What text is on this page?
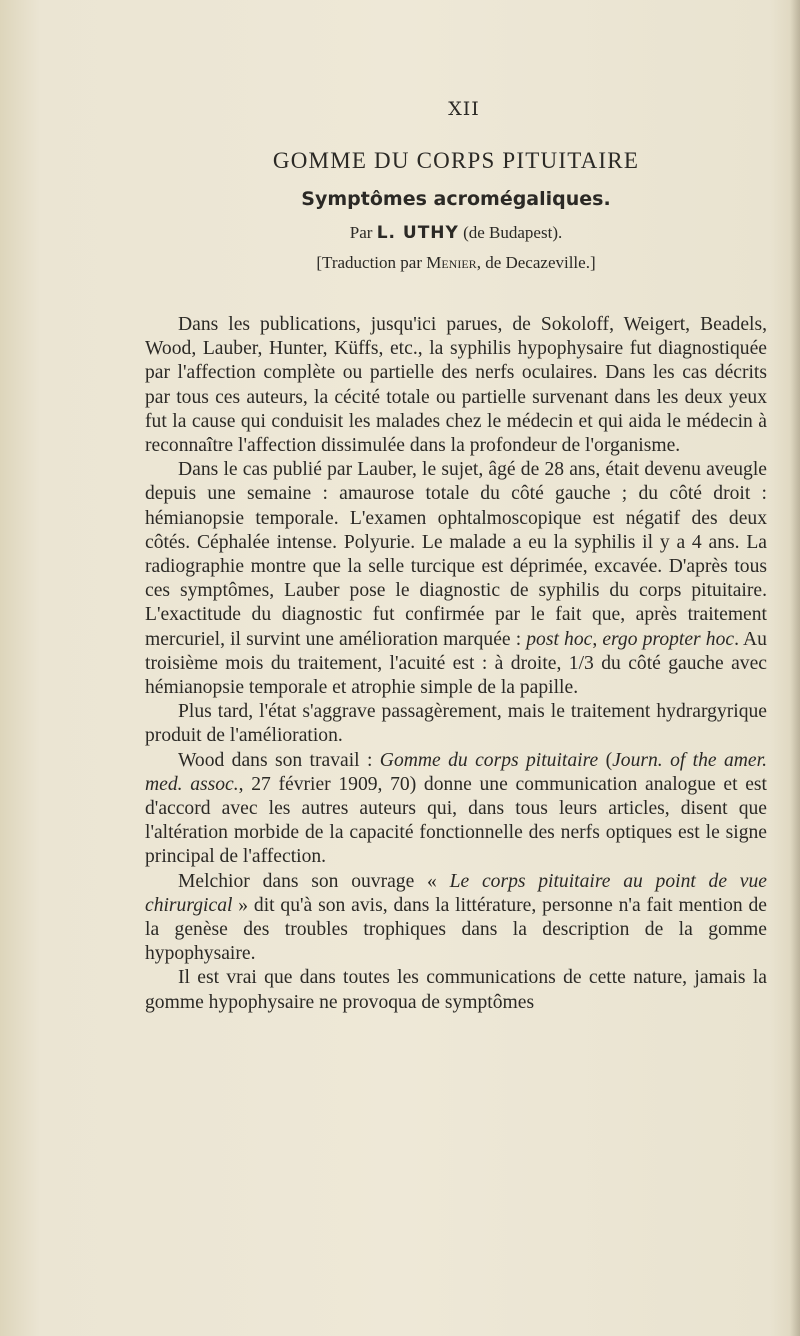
XII
GOMME DU CORPS PITUITAIRE
Symptômes acromégaliques.
Par L. UTHY (de Budapest).
[Traduction par Menier, de Decazeville.]

Dans les publications, jusqu'ici parues, de Sokoloff, Weigert, Beadels, Wood, Lauber, Hunter, Küffs, etc., la syphilis hypophysaire fut diagnostiquée par l'affection complète ou partielle des nerfs oculaires. Dans les cas décrits par tous ces auteurs, la cécité totale ou partielle survenant dans les deux yeux fut la cause qui conduisit les malades chez le médecin et qui aida le médecin à reconnaître l'affection dissimulée dans la profondeur de l'organisme.

Dans le cas publié par Lauber, le sujet, âgé de 28 ans, était devenu aveugle depuis une semaine : amaurose totale du côté gauche ; du côté droit : hémianopsie temporale. L'examen ophtalmoscopique est négatif des deux côtés. Céphalée intense. Polyurie. Le malade a eu la syphilis il y a 4 ans. La radiographie montre que la selle turcique est déprimée, excavée. D'après tous ces symptômes, Lauber pose le diagnostic de syphilis du corps pituitaire. L'exactitude du diagnostic fut confirmée par le fait que, après traitement mercuriel, il survint une amélioration marquée : post hoc, ergo propter hoc. Au troisième mois du traitement, l'acuité est : à droite, 1/3 du côté gauche avec hémianopsie temporale et atrophie simple de la papille.

Plus tard, l'état s'aggrave passagèrement, mais le traitement hydrargyrique produit de l'amélioration.

Wood dans son travail : Gomme du corps pituitaire (Journ. of the amer. med. assoc., 27 février 1909, 70) donne une communication analogue et est d'accord avec les autres auteurs qui, dans tous leurs articles, disent que l'altération morbide de la capacité fonctionnelle des nerfs optiques est le signe principal de l'affection.

Melchior dans son ouvrage « Le corps pituitaire au point de vue chirurgical » dit qu'à son avis, dans la littérature, personne n'a fait mention de la genèse des troubles trophiques dans la description de la gomme hypophysaire.

Il est vrai que dans toutes les communications de cette nature, jamais la gomme hypophysaire ne provoqua de symptômes
